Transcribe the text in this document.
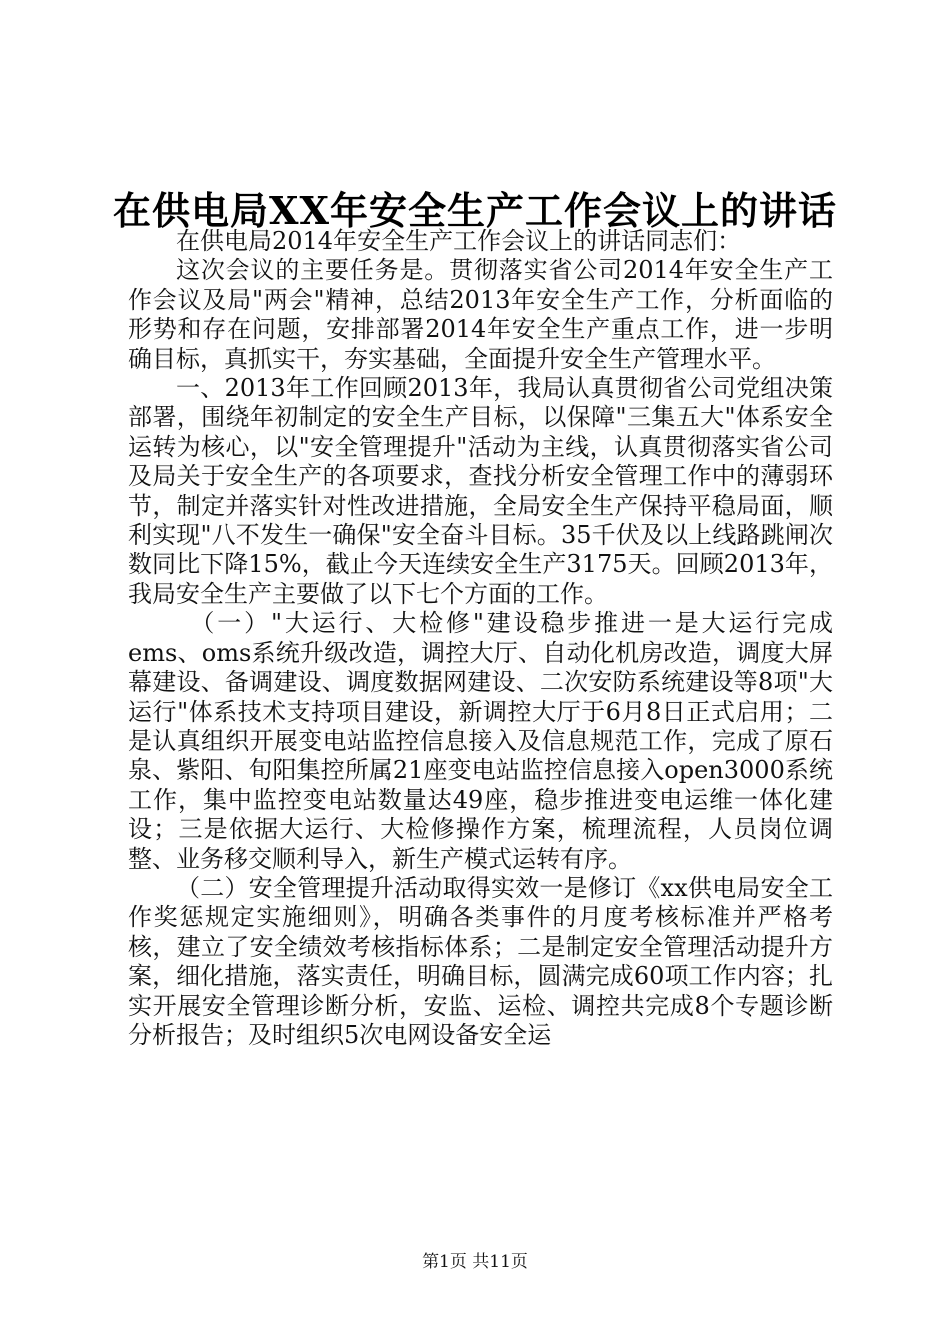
在供电局XX年安全生产工作会议上的讲话

在供电局2014年安全生产工作会议上的讲话同志们：

这次会议的主要任务是。贯彻落实省公司2014年安全生产工作会议及局"两会"精神，总结2013年安全生产工作，分析面临的形势和存在问题，安排部署2014年安全生产重点工作，进一步明确目标，真抓实干，夯实基础，全面提升安全生产管理水平。

一、2013年工作回顾2013年，我局认真贯彻省公司党组决策部署，围绕年初制定的安全生产目标，以保障"三集五大"体系安全运转为核心，以"安全管理提升"活动为主线，认真贯彻落实省公司及局关于安全生产的各项要求，查找分析安全管理工作中的薄弱环节，制定并落实针对性改进措施，全局安全生产保持平稳局面，顺利实现"八不发生一确保"安全奋斗目标。35千伏及以上线路跳闸次数同比下降15%，截止今天连续安全生产3175天。回顾2013年，我局安全生产主要做了以下七个方面的工作。

（一）"大运行、大检修"建设稳步推进一是大运行完成ems、oms系统升级改造，调控大厅、自动化机房改造，调度大屏幕建设、备调建设、调度数据网建设、二次安防系统建设等8项"大运行"体系技术支持项目建设，新调控大厅于6月8日正式启用；二是认真组织开展变电站监控信息接入及信息规范工作，完成了原石泉、紫阳、旬阳集控所属21座变电站监控信息接入open3000系统工作，集中监控变电站数量达49座，稳步推进变电运维一体化建设；三是依据大运行、大检修操作方案，梳理流程，人员岗位调整、业务移交顺利导入，新生产模式运转有序。

（二）安全管理提升活动取得实效一是修订《xx供电局安全工作奖惩规定实施细则》，明确各类事件的月度考核标准并严格考核，建立了安全绩效考核指标体系；二是制定安全管理活动提升方案，细化措施，落实责任，明确目标，圆满完成60项工作内容；扎实开展安全管理诊断分析，安监、运检、调控共完成8个专题诊断分析报告；及时组织5次电网设备安全运

第1页 共11页
